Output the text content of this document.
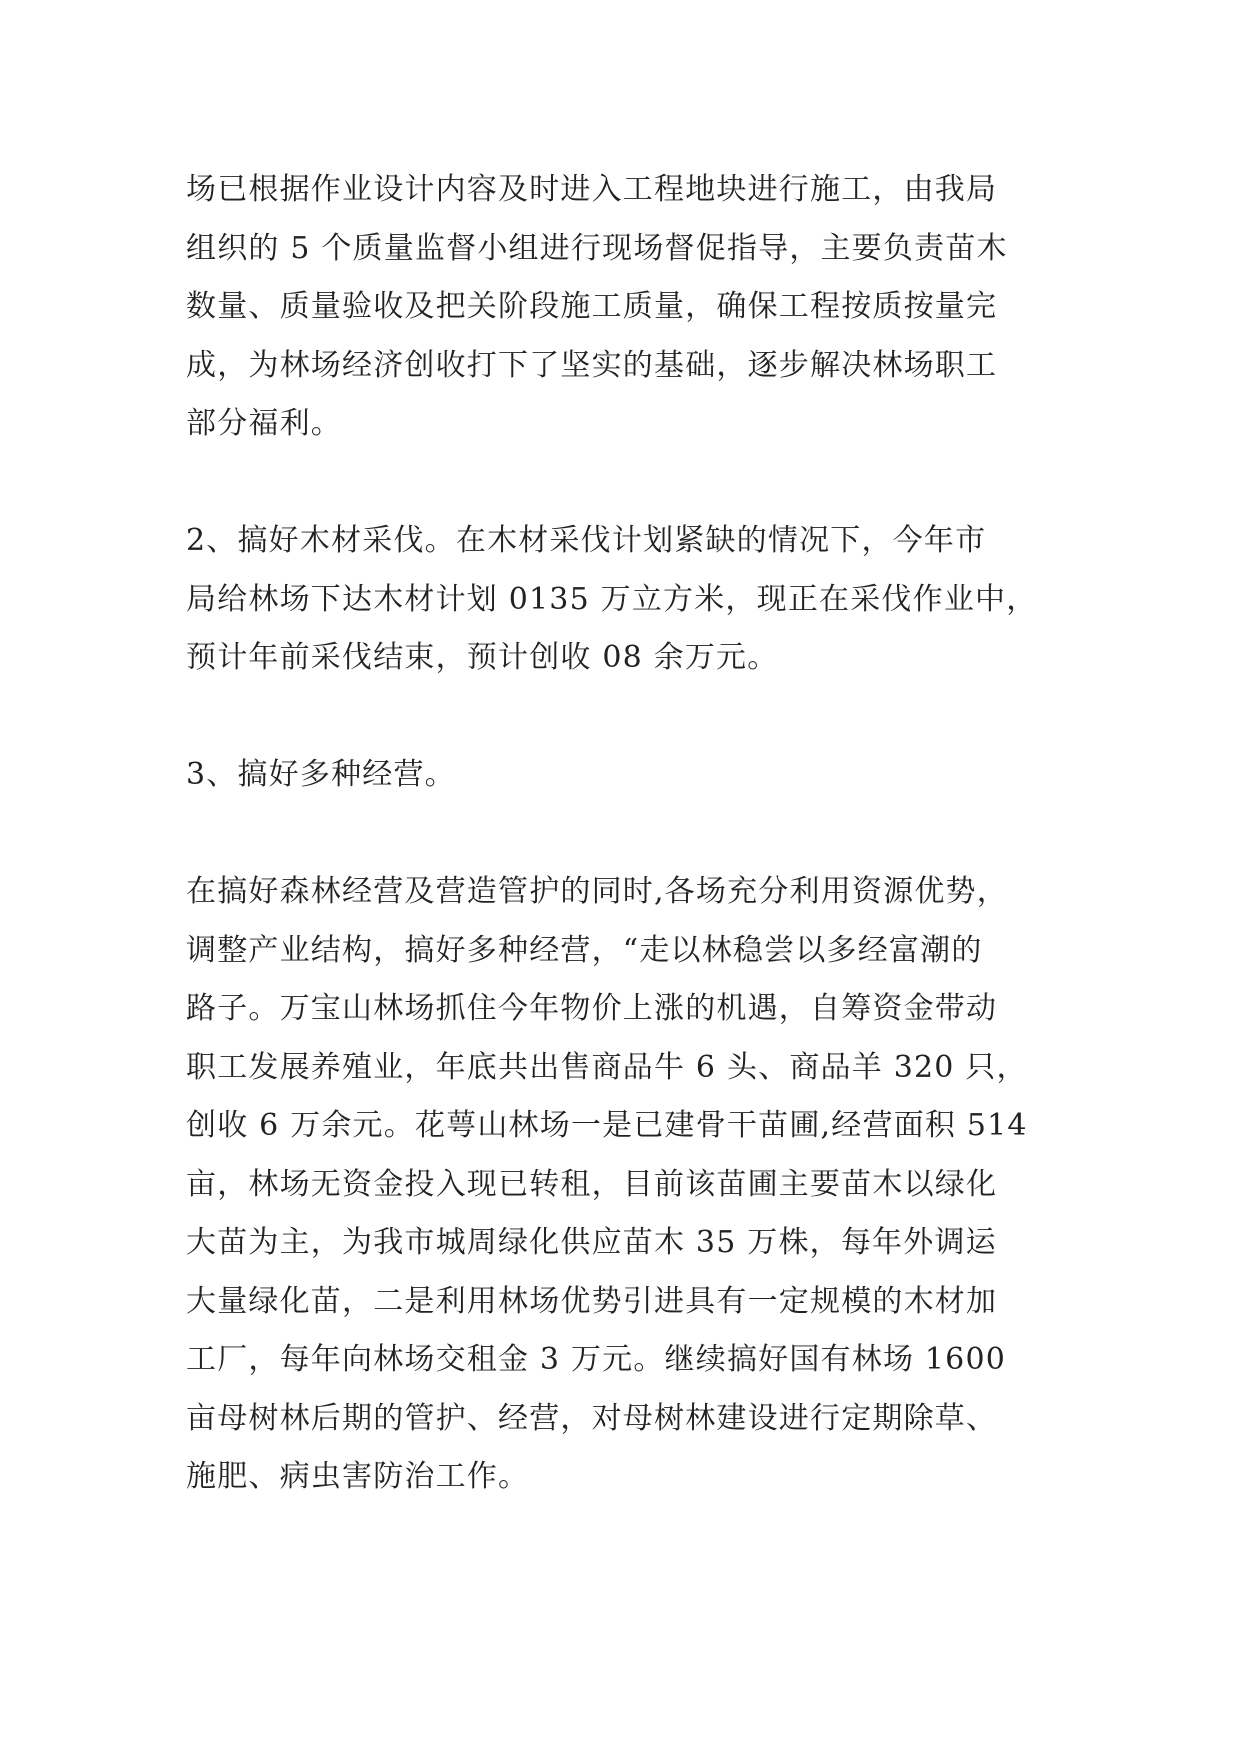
场已根据作业设计内容及时进入工程地块进行施工，由我局
组织的 5 个质量监督小组进行现场督促指导，主要负责苗木
数量、质量验收及把关阶段施工质量，确保工程按质按量完
成，为林场经济创收打下了坚实的基础，逐步解决林场职工
部分福利。
2、搞好木材采伐。在木材采伐计划紧缺的情况下，今年市
局给林场下达木材计划 0135 万立方米，现正在采伐作业中，
预计年前采伐结束，预计创收 08 余万元。
3、搞好多种经营。
在搞好森林经营及营造管护的同时,各场充分利用资源优势，
调整产业结构，搞好多种经营，“走以林稳尝以多经富潮的
路子。万宝山林场抓住今年物价上涨的机遇，自筹资金带动
职工发展养殖业，年底共出售商品牛 6 头、商品羊 320 只，
创收 6 万余元。花萼山林场一是已建骨干苗圃,经营面积 514
亩，林场无资金投入现已转租，目前该苗圃主要苗木以绿化
大苗为主，为我市城周绿化供应苗木 35 万株，每年外调运
大量绿化苗，二是利用林场优势引进具有一定规模的木材加
工厂，每年向林场交租金 3 万元。继续搞好国有林场 1600
亩母树林后期的管护、经营，对母树林建设进行定期除草、
施肥、病虫害防治工作。
